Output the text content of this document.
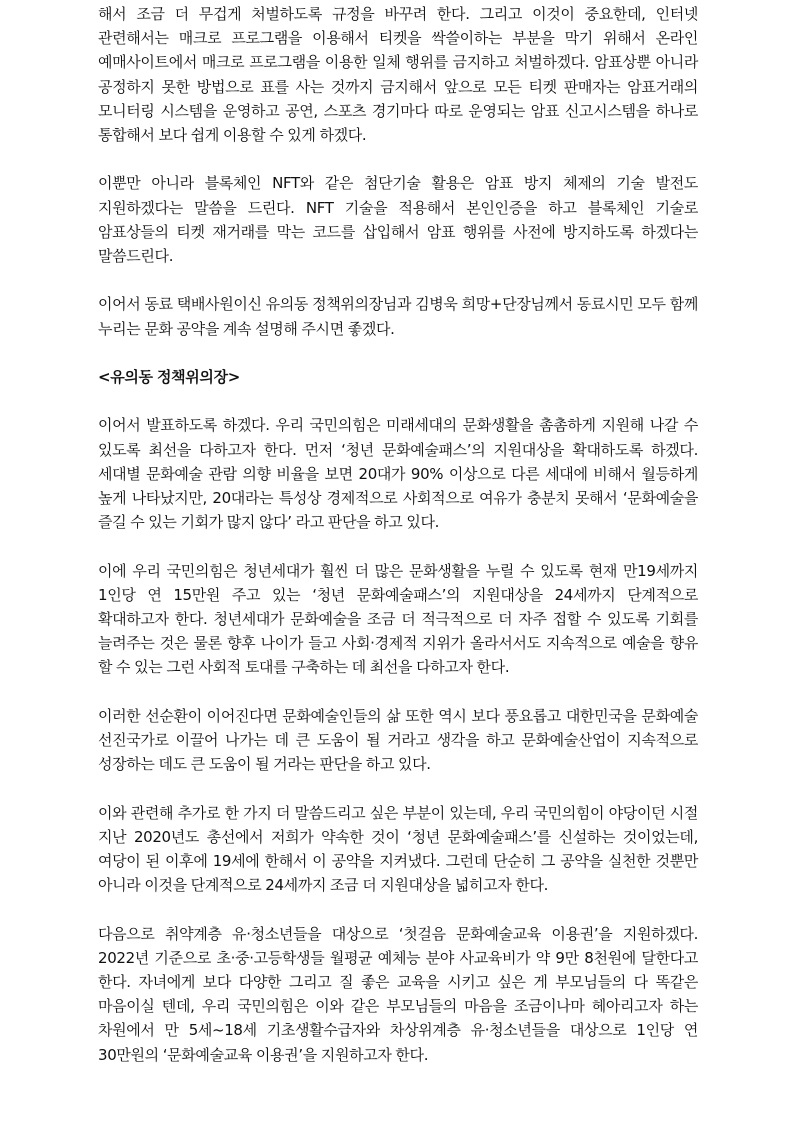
해서 조금 더 무겁게 처벌하도록 규정을 바꾸려 한다. 그리고 이것이 중요한데, 인터넷 관련해서는 매크로 프로그램을 이용해서 티켓을 싹쓸이하는 부분을 막기 위해서 온라인 예매사이트에서 매크로 프로그램을 이용한 일체 행위를 금지하고 처벌하겠다. 암표상뿐 아니라 공정하지 못한 방법으로 표를 사는 것까지 금지해서 앞으로 모든 티켓 판매자는 암표거래의 모니터링 시스템을 운영하고 공연, 스포츠 경기마다 따로 운영되는 암표 신고시스템을 하나로 통합해서 보다 쉽게 이용할 수 있게 하겠다.

이뿐만 아니라 블록체인 NFT와 같은 첨단기술 활용은 암표 방지 체제의 기술 발전도 지원하겠다는 말씀을 드린다. NFT 기술을 적용해서 본인인증을 하고 블록체인 기술로 암표상들의 티켓 재거래를 막는 코드를 삽입해서 암표 행위를 사전에 방지하도록 하겠다는 말씀드린다.

이어서 동료 택배사원이신 유의동 정책위의장님과 김병욱 희망+단장님께서 동료시민 모두 함께 누리는 문화 공약을 계속 설명해 주시면 좋겠다.

<유의동 정책위의장>

이어서 발표하도록 하겠다. 우리 국민의힘은 미래세대의 문화생활을 촘촘하게 지원해 나갈 수 있도록 최선을 다하고자 한다. 먼저 ‘청년 문화예술패스’의 지원대상을 확대하도록 하겠다. 세대별 문화예술 관람 의향 비율을 보면 20대가 90% 이상으로 다른 세대에 비해서 월등하게 높게 나타났지만, 20대라는 특성상 경제적으로 사회적으로 여유가 충분치 못해서 ‘문화예술을 즐길 수 있는 기회가 많지 않다’ 라고 판단을 하고 있다.

이에 우리 국민의힘은 청년세대가 훨씬 더 많은 문화생활을 누릴 수 있도록 현재 만19세까지 1인당 연 15만원 주고 있는 ‘청년 문화예술패스’의 지원대상을 24세까지 단계적으로 확대하고자 한다. 청년세대가 문화예술을 조금 더 적극적으로 더 자주 접할 수 있도록 기회를 늘려주는 것은 물론 향후 나이가 들고 사회·경제적 지위가 올라서서도 지속적으로 예술을 향유 할 수 있는 그런 사회적 토대를 구축하는 데 최선을 다하고자 한다.

이러한 선순환이 이어진다면 문화예술인들의 삶 또한 역시 보다 풍요롭고 대한민국을 문화예술 선진국가로 이끌어 나가는 데 큰 도움이 될 거라고 생각을 하고 문화예술산업이 지속적으로 성장하는 데도 큰 도움이 될 거라는 판단을 하고 있다.

이와 관련해 추가로 한 가지 더 말씀드리고 싶은 부분이 있는데, 우리 국민의힘이 야당이던 시절 지난 2020년도 총선에서 저희가 약속한 것이 ‘청년 문화예술패스’를 신설하는 것이었는데, 여당이 된 이후에 19세에 한해서 이 공약을 지켜냈다. 그런데 단순히 그 공약을 실천한 것뿐만 아니라 이것을 단계적으로 24세까지 조금 더 지원대상을 넓히고자 한다.

다음으로 취약계층 유·청소년들을 대상으로 ‘첫걸음 문화예술교육 이용권’을 지원하겠다. 2022년 기준으로 초·중·고등학생들 월평균 예체능 분야 사교육비가 약 9만 8천원에 달한다고 한다. 자녀에게 보다 다양한 그리고 질 좋은 교육을 시키고 싶은 게 부모님들의 다 똑같은 마음이실 텐데, 우리 국민의힘은 이와 같은 부모님들의 마음을 조금이나마 헤아리고자 하는 차원에서 만 5세~18세 기초생활수급자와 차상위계층 유·청소년들을 대상으로 1인당 연 30만원의 ‘문화예술교육 이용권’을 지원하고자 한다.
